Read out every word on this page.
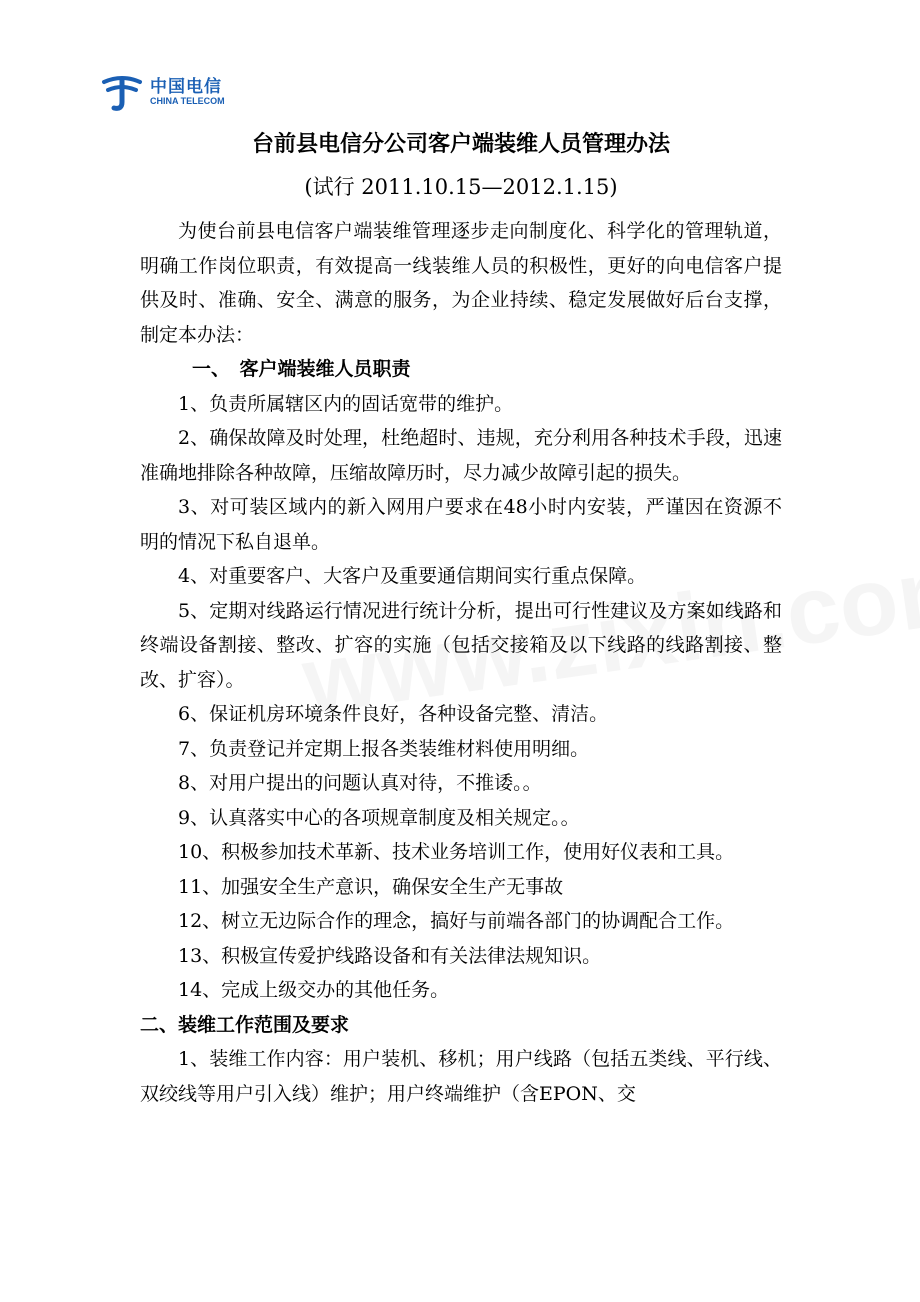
中国电信
CHINA TELECOM

台前县电信分公司客户端装维人员管理办法

(试行 2011.10.15—2012.1.15)

为使台前县电信客户端装维管理逐步走向制度化、科学化的管理轨道，明确工作岗位职责，有效提高一线装维人员的积极性，更好的向电信客户提供及时、准确、安全、满意的服务，为企业持续、稳定发展做好后台支撑，制定本办法：

一、　客户端装维人员职责

1、负责所属辖区内的固话宽带的维护。

2、确保故障及时处理，杜绝超时、违规，充分利用各种技术手段，迅速准确地排除各种故障，压缩故障历时，尽力减少故障引起的损失。

3、对可装区域内的新入网用户要求在48小时内安装，严谨因在资源不明的情况下私自退单。

4、对重要客户、大客户及重要通信期间实行重点保障。

5、定期对线路运行情况进行统计分析，提出可行性建议及方案如线路和终端设备割接、整改、扩容的实施（包括交接箱及以下线路的线路割接、整改、扩容）。

6、保证机房环境条件良好，各种设备完整、清洁。

7、负责登记并定期上报各类装维材料使用明细。

8、对用户提出的问题认真对待，不推诿。。

9、认真落实中心的各项规章制度及相关规定。。

10、积极参加技术革新、技术业务培训工作，使用好仪表和工具。

11、加强安全生产意识，确保安全生产无事故

12、树立无边际合作的理念，搞好与前端各部门的协调配合工作。

13、积极宣传爱护线路设备和有关法律法规知识。

14、完成上级交办的其他任务。

二、装维工作范围及要求

1、装维工作内容：用户装机、移机；用户线路（包括五类线、平行线、双绞线等用户引入线）维护；用户终端维护（含EPON、交
